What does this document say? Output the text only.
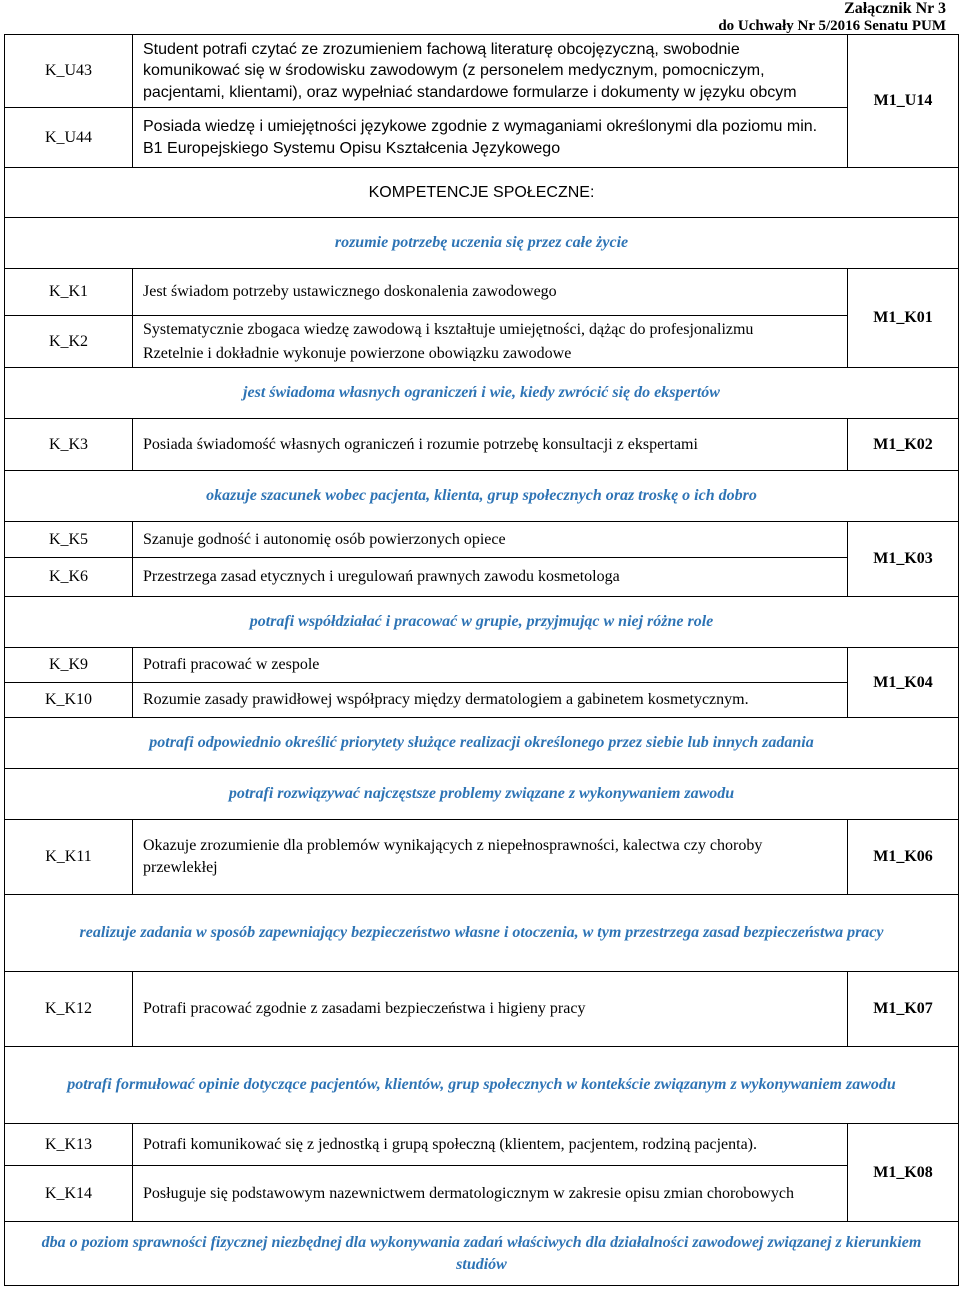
Załącznik Nr 3
do Uchwały Nr 5/2016 Senatu PUM
K_U43	Student potrafi czytać ze zrozumieniem fachową literaturę obcojęzyczną, swobodnie komunikować się w środowisku zawodowym (z personelem medycznym, pomocniczym, pacjentami, klientami), oraz wypełniać standardowe formularze i dokumenty w języku obcym	M1_U14
K_U44	Posiada wiedzę i umiejętności językowe zgodnie z wymaganiami określonymi dla poziomu min. B1 Europejskiego Systemu Opisu Kształcenia Językowego	
KOMPETENCJE SPOŁECZNE:		
rozumie potrzebę uczenia się przez całe życie		
K_K1	Jest świadom potrzeby ustawicznego doskonalenia zawodowego	M1_K01
K_K2	Systematycznie zbogaca wiedzę zawodową i kształtuje umiejętności, dążąc do profesjonalizmu
Rzetelnie i dokładnie wykonuje powierzone obowiązku zawodowe	

jest świadoma własnych ograniczeń i wie, kiedy zwrócić się do ekspertów		
K_K3	Posiada świadomość własnych ograniczeń i rozumie potrzebę konsultacji z ekspertami	M1_K02
okazuje szacunek wobec pacjenta, klienta, grup społecznych oraz troskę o ich dobro		
K_K5	Szanuje godność i autonomię osób powierzonych opiece	M1_K03
K_K6	Przestrzega zasad etycznych i uregulowań prawnych zawodu kosmetologa	
potrafi współdziałać i pracować w grupie, przyjmując w niej różne role		
K_K9	Potrafi pracować w zespole	M1_K04
K_K10	Rozumie zasady prawidłowej współpracy między dermatologiem a gabinetem kosmetycznym.	
potrafi odpowiednio określić priorytety służące realizacji określonego przez siebie lub innych zadania		
potrafi rozwiązywać najczęstsze problemy związane z wykonywaniem zawodu		
K_K11	Okazuje zrozumienie dla problemów wynikających z niepełnosprawności, kalectwa czy choroby przewlekłej	M1_K06
realizuje zadania w sposób zapewniający bezpieczeństwo własne i otoczenia, w tym przestrzega zasad bezpieczeństwa pracy		
K_K12	Potrafi pracować zgodnie z zasadami bezpieczeństwa i higieny pracy	M1_K07
potrafi formułować opinie dotyczące pacjentów, klientów, grup społecznych w kontekście związanym z wykonywaniem zawodu		
K_K13	Potrafi komunikować się z jednostką i grupą społeczną (klientem, pacjentem, rodziną pacjenta).	M1_K08
K_K14	Posługuje się podstawowym nazewnictwem dermatologicznym w zakresie opisu zmian chorobowych	
dba o poziom sprawności fizycznej niezbędnej dla wykonywania zadań właściwych dla działalności zawodowej związanej z kierunkiem studiów		
